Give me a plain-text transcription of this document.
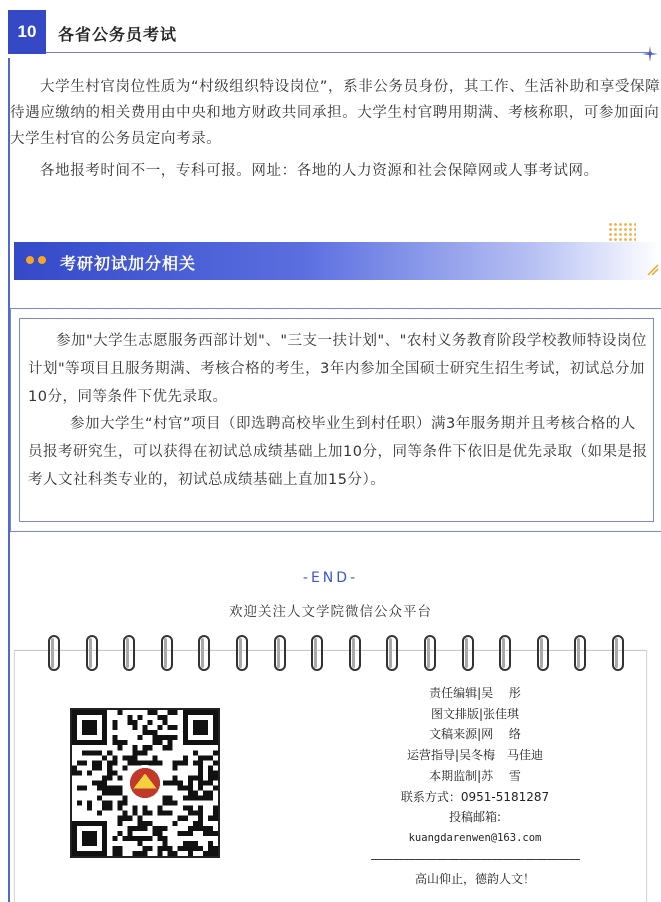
10	各省公务员考试
大学生村官岗位性质为“村级组织特设岗位”，系非公务员身份，其工作、生活补助和享受保障待遇应缴纳的相关费用由中央和地方财政共同承担。大学生村官聘用期满、考核称职，可参加面向大学生村官的公务员定向考录。
各地报考时间不一，专科可报。网址：各地的人力资源和社会保障网或人事考试网。
考研初试加分相关
参加"大学生志愿服务西部计划"、"三支一扶计划"、"农村义务教育阶段学校教师特设岗位计划"等项目且服务期满、考核合格的考生，3年内参加全国硕士研究生招生考试，初试总分加10分，同等条件下优先录取。
参加大学生“村官”项目（即选聘高校毕业生到村任职）满3年服务期并且考核合格的人员报考研究生，可以获得在初试总成绩基础上加10分，同等条件下依旧是优先录取（如果是报考人文社科类专业的，初试总成绩基础上直加15分）。
-END-
欢迎关注人文学院微信公众平台
责任编辑|吴　 彤
图文排版|张佳琪
文稿来源|网　 络
运营指导|吴冬梅　马佳迪
本期监制|苏　 雪
联系方式：0951-5181287
投稿邮箱:
kuangdarenwen@163.com
———————————————————
高山仰止，德韵人文！
